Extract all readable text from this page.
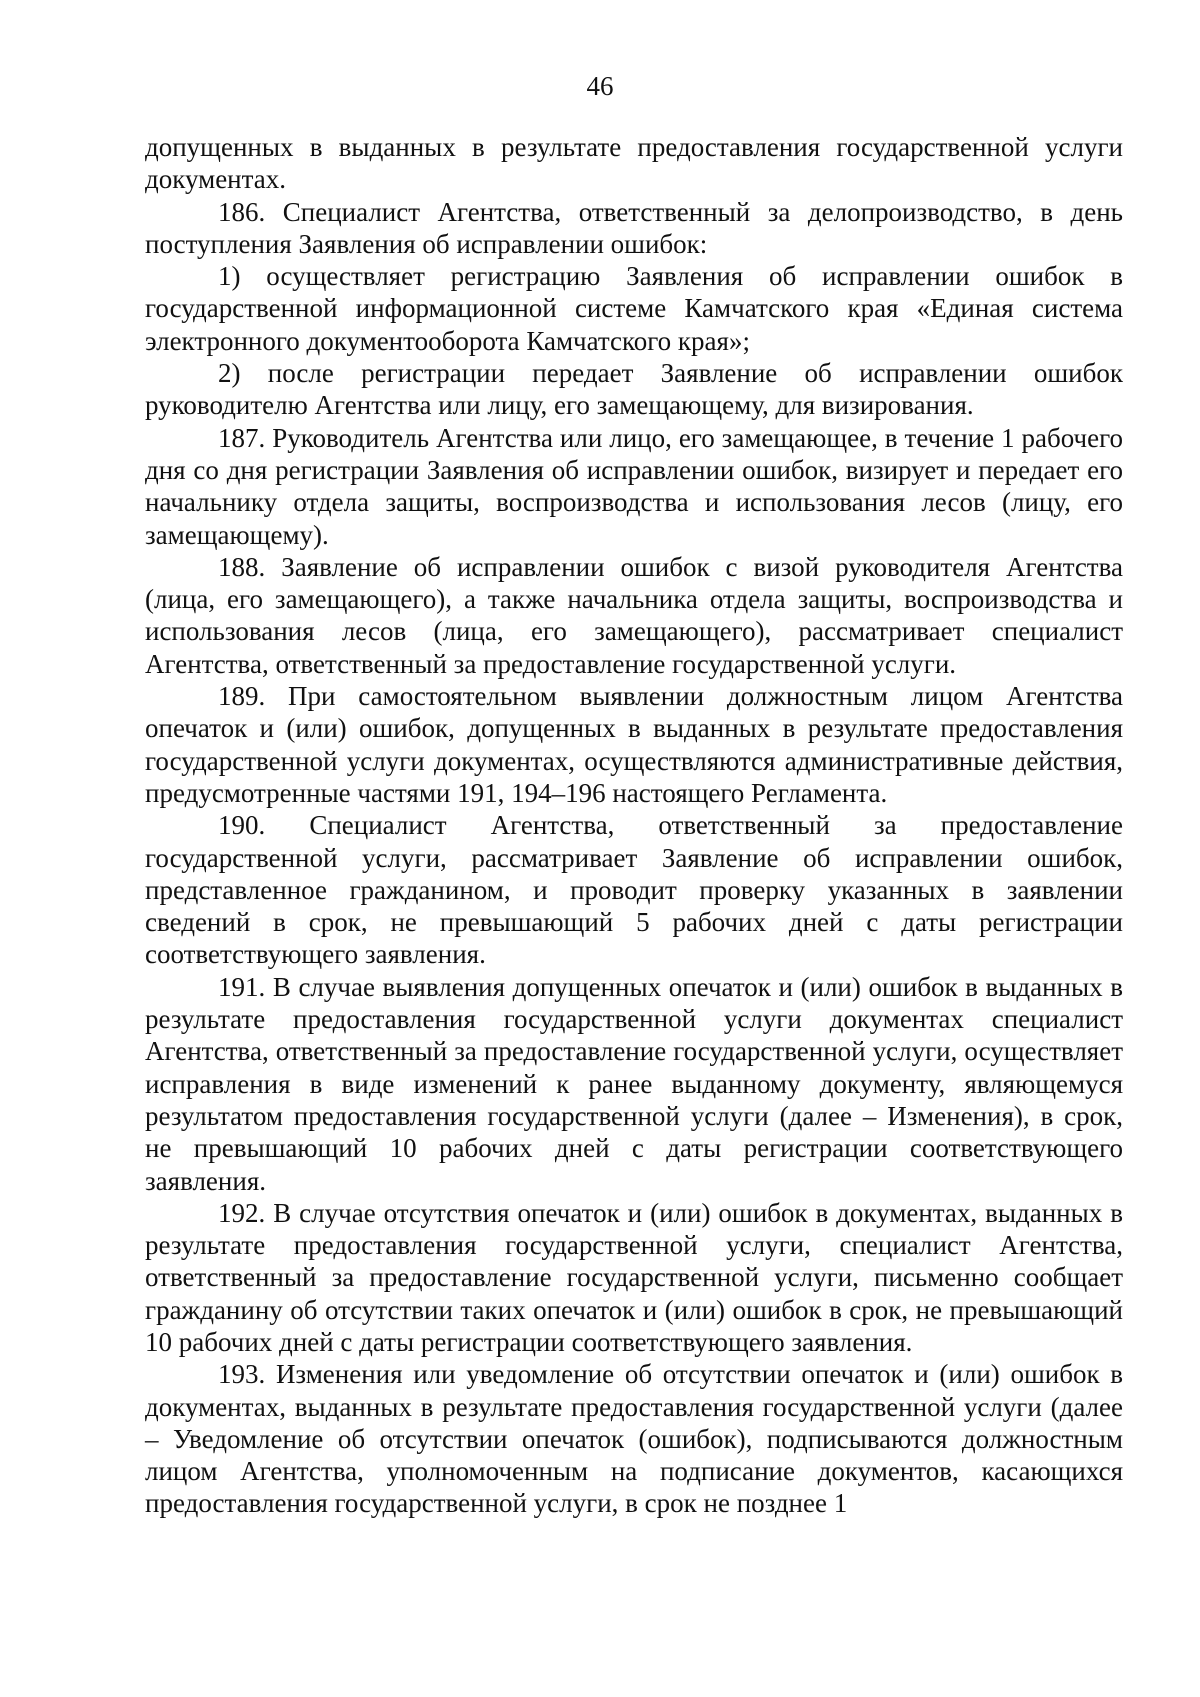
46

допущенных в выданных в результате предоставления государственной услуги документах.

186. Специалист Агентства, ответственный за делопроизводство, в день поступления Заявления об исправлении ошибок:

1) осуществляет регистрацию Заявления об исправлении ошибок в государственной информационной системе Камчатского края «Единая система электронного документооборота Камчатского края»;

2) после регистрации передает Заявление об исправлении ошибок руководителю Агентства или лицу, его замещающему, для визирования.

187. Руководитель Агентства или лицо, его замещающее, в течение 1 рабочего дня со дня регистрации Заявления об исправлении ошибок, визирует и передает его начальнику отдела защиты, воспроизводства и использования лесов (лицу, его замещающему).

188. Заявление об исправлении ошибок с визой руководителя Агентства (лица, его замещающего), а также начальника отдела защиты, воспроизводства и использования лесов (лица, его замещающего), рассматривает специалист Агентства, ответственный за предоставление государственной услуги.

189. При самостоятельном выявлении должностным лицом Агентства опечаток и (или) ошибок, допущенных в выданных в результате предоставления государственной услуги документах, осуществляются административные действия, предусмотренные частями 191, 194–196 настоящего Регламента.

190. Специалист Агентства, ответственный за предоставление государственной услуги, рассматривает Заявление об исправлении ошибок, представленное гражданином, и проводит проверку указанных в заявлении сведений в срок, не превышающий 5 рабочих дней с даты регистрации соответствующего заявления.

191. В случае выявления допущенных опечаток и (или) ошибок в выданных в результате предоставления государственной услуги документах специалист Агентства, ответственный за предоставление государственной услуги, осуществляет исправления в виде изменений к ранее выданному документу, являющемуся результатом предоставления государственной услуги (далее – Изменения), в срок, не превышающий 10 рабочих дней с даты регистрации соответствующего заявления.

192. В случае отсутствия опечаток и (или) ошибок в документах, выданных в результате предоставления государственной услуги, специалист Агентства, ответственный за предоставление государственной услуги, письменно сообщает гражданину об отсутствии таких опечаток и (или) ошибок в срок, не превышающий 10 рабочих дней с даты регистрации соответствующего заявления.

193. Изменения или уведомление об отсутствии опечаток и (или) ошибок в документах, выданных в результате предоставления государственной услуги (далее – Уведомление об отсутствии опечаток (ошибок), подписываются должностным лицом Агентства, уполномоченным на подписание документов, касающихся предоставления государственной услуги, в срок не позднее 1
